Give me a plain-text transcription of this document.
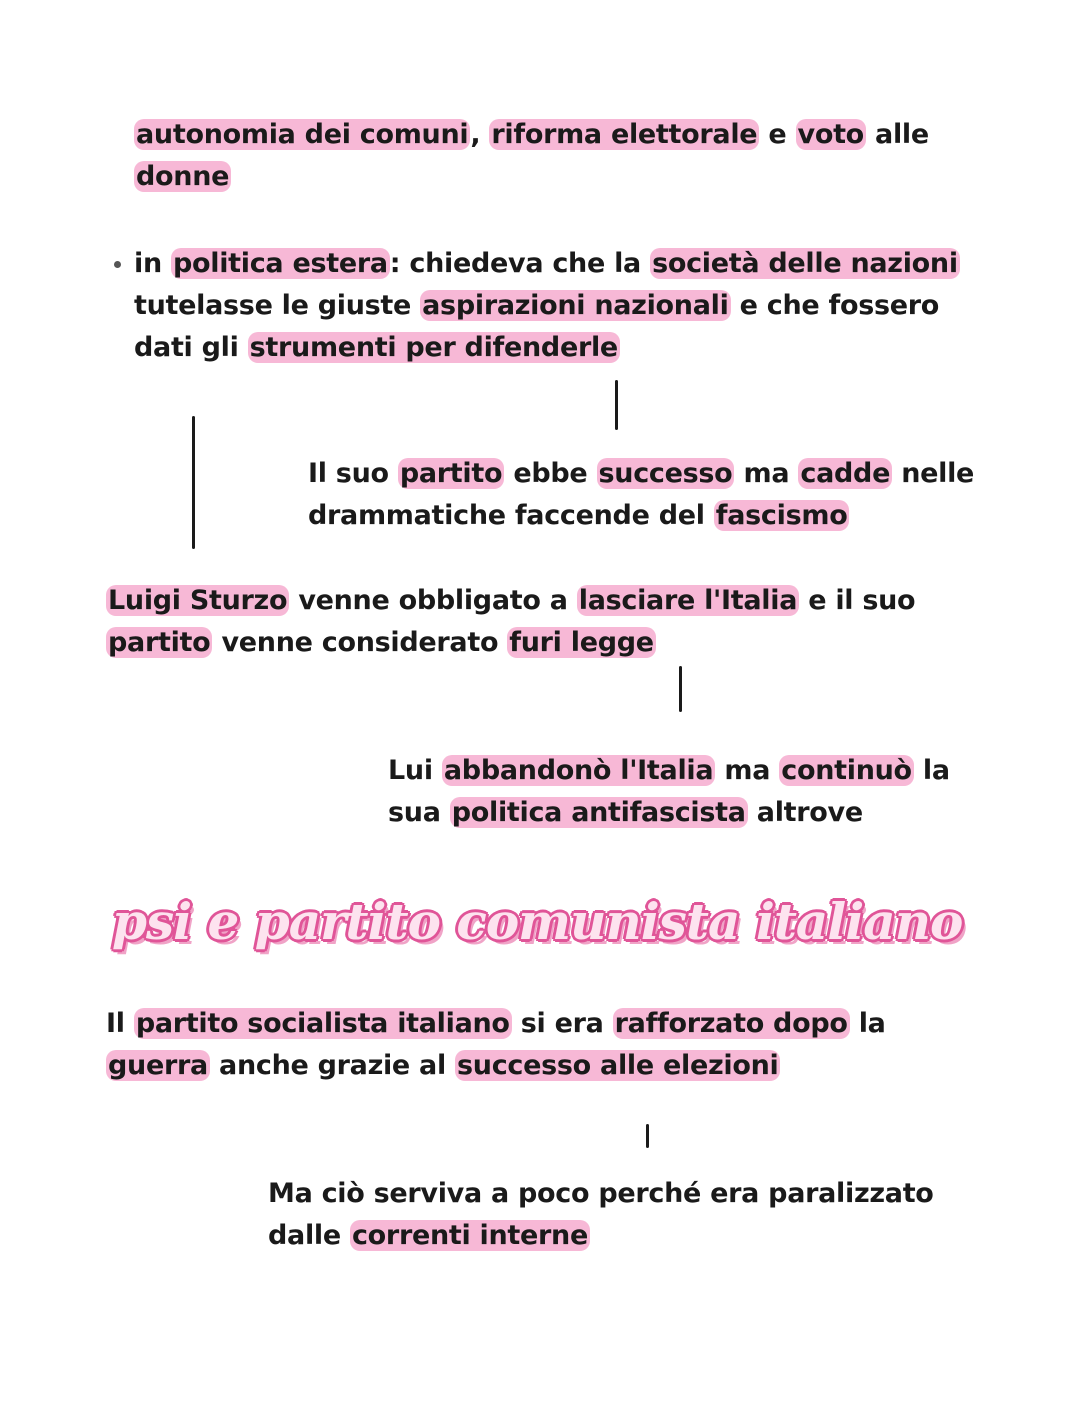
autonomia dei comuni, riforma elettorale e voto alle
donne
in politica estera: chiedeva che la società delle nazioni
tutelasse le giuste aspirazioni nazionali e che fossero
dati gli strumenti per difenderle
Il suo partito ebbe successo ma cadde nelle
drammatiche faccende del fascismo
Luigi Sturzo venne obbligato a lasciare l'Italia e il suo
partito venne considerato furi legge
Lui abbandonò l'Italia ma continuò la
sua politica antifascista altrove
psi e partito comunista italiano
Il partito socialista italiano si era rafforzato dopo la
guerra anche grazie al successo alle elezioni
Ma ciò serviva a poco perché era paralizzato
dalle correnti interne
